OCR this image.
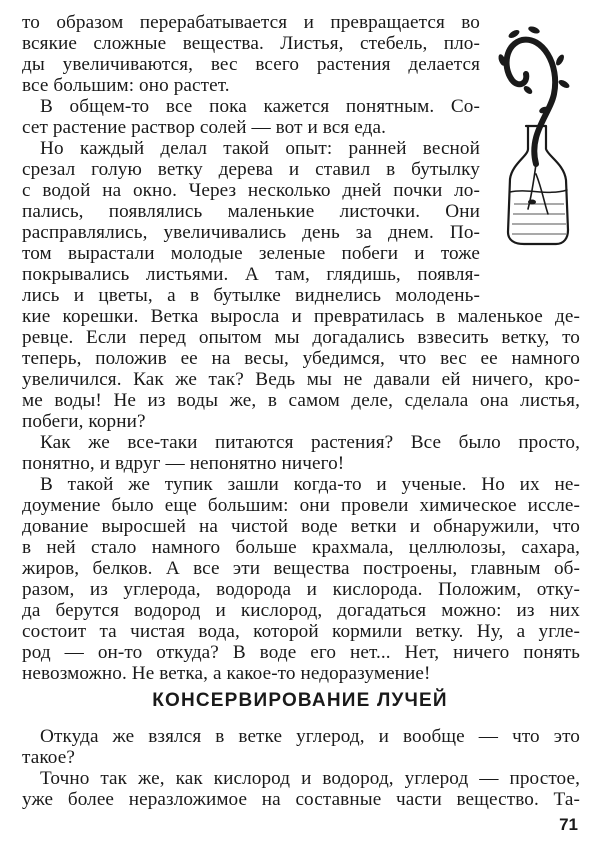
то образом перерабатывается и превращается во
всякие сложные вещества. Листья, стебель, пло-
ды увеличиваются, вес всего растения делается
все большим: оно растет.
В общем-то все пока кажется понятным. Со-
сет растение раствор солей — вот и вся еда.
Но каждый делал такой опыт: ранней весной
срезал голую ветку дерева и ставил в бутылку
с водой на окно. Через несколько дней почки ло-
пались, появлялись маленькие листочки. Они
расправлялись, увеличивались день за днем. По-
том вырастали молодые зеленые побеги и тоже
покрывались листьями. А там, глядишь, появля-
лись и цветы, а в бутылке виднелись молодень-
кие корешки. Ветка выросла и превратилась в маленькое де-
ревце. Если перед опытом мы догадались взвесить ветку, то
теперь, положив ее на весы, убедимся, что вес ее намного
увеличился. Как же так? Ведь мы не давали ей ничего, кро-
ме воды! Не из воды же, в самом деле, сделала она листья,
побеги, корни?
Как же все-таки питаются растения? Все было просто,
понятно, и вдруг — непонятно ничего!
В такой же тупик зашли когда-то и ученые. Но их не-
доумение было еще большим: они провели химическое иссле-
дование выросшей на чистой воде ветки и обнаружили, что
в ней стало намного больше крахмала, целлюлозы, сахара,
жиров, белков. А все эти вещества построены, главным об-
разом, из углерода, водорода и кислорода. Положим, отку-
да берутся водород и кислород, догадаться можно: из них
состоит та чистая вода, которой кормили ветку. Ну, а угле-
род — он-то откуда? В воде его нет... Нет, ничего понять
невозможно. Не ветка, а какое-то недоразумение!
КОНСЕРВИРОВАНИЕ ЛУЧЕЙ
Откуда же взялся в ветке углерод, и вообще — что это
такое?
Точно так же, как кислород и водород, углерод — простое,
уже более неразложимое на составные части вещество. Та-
71
